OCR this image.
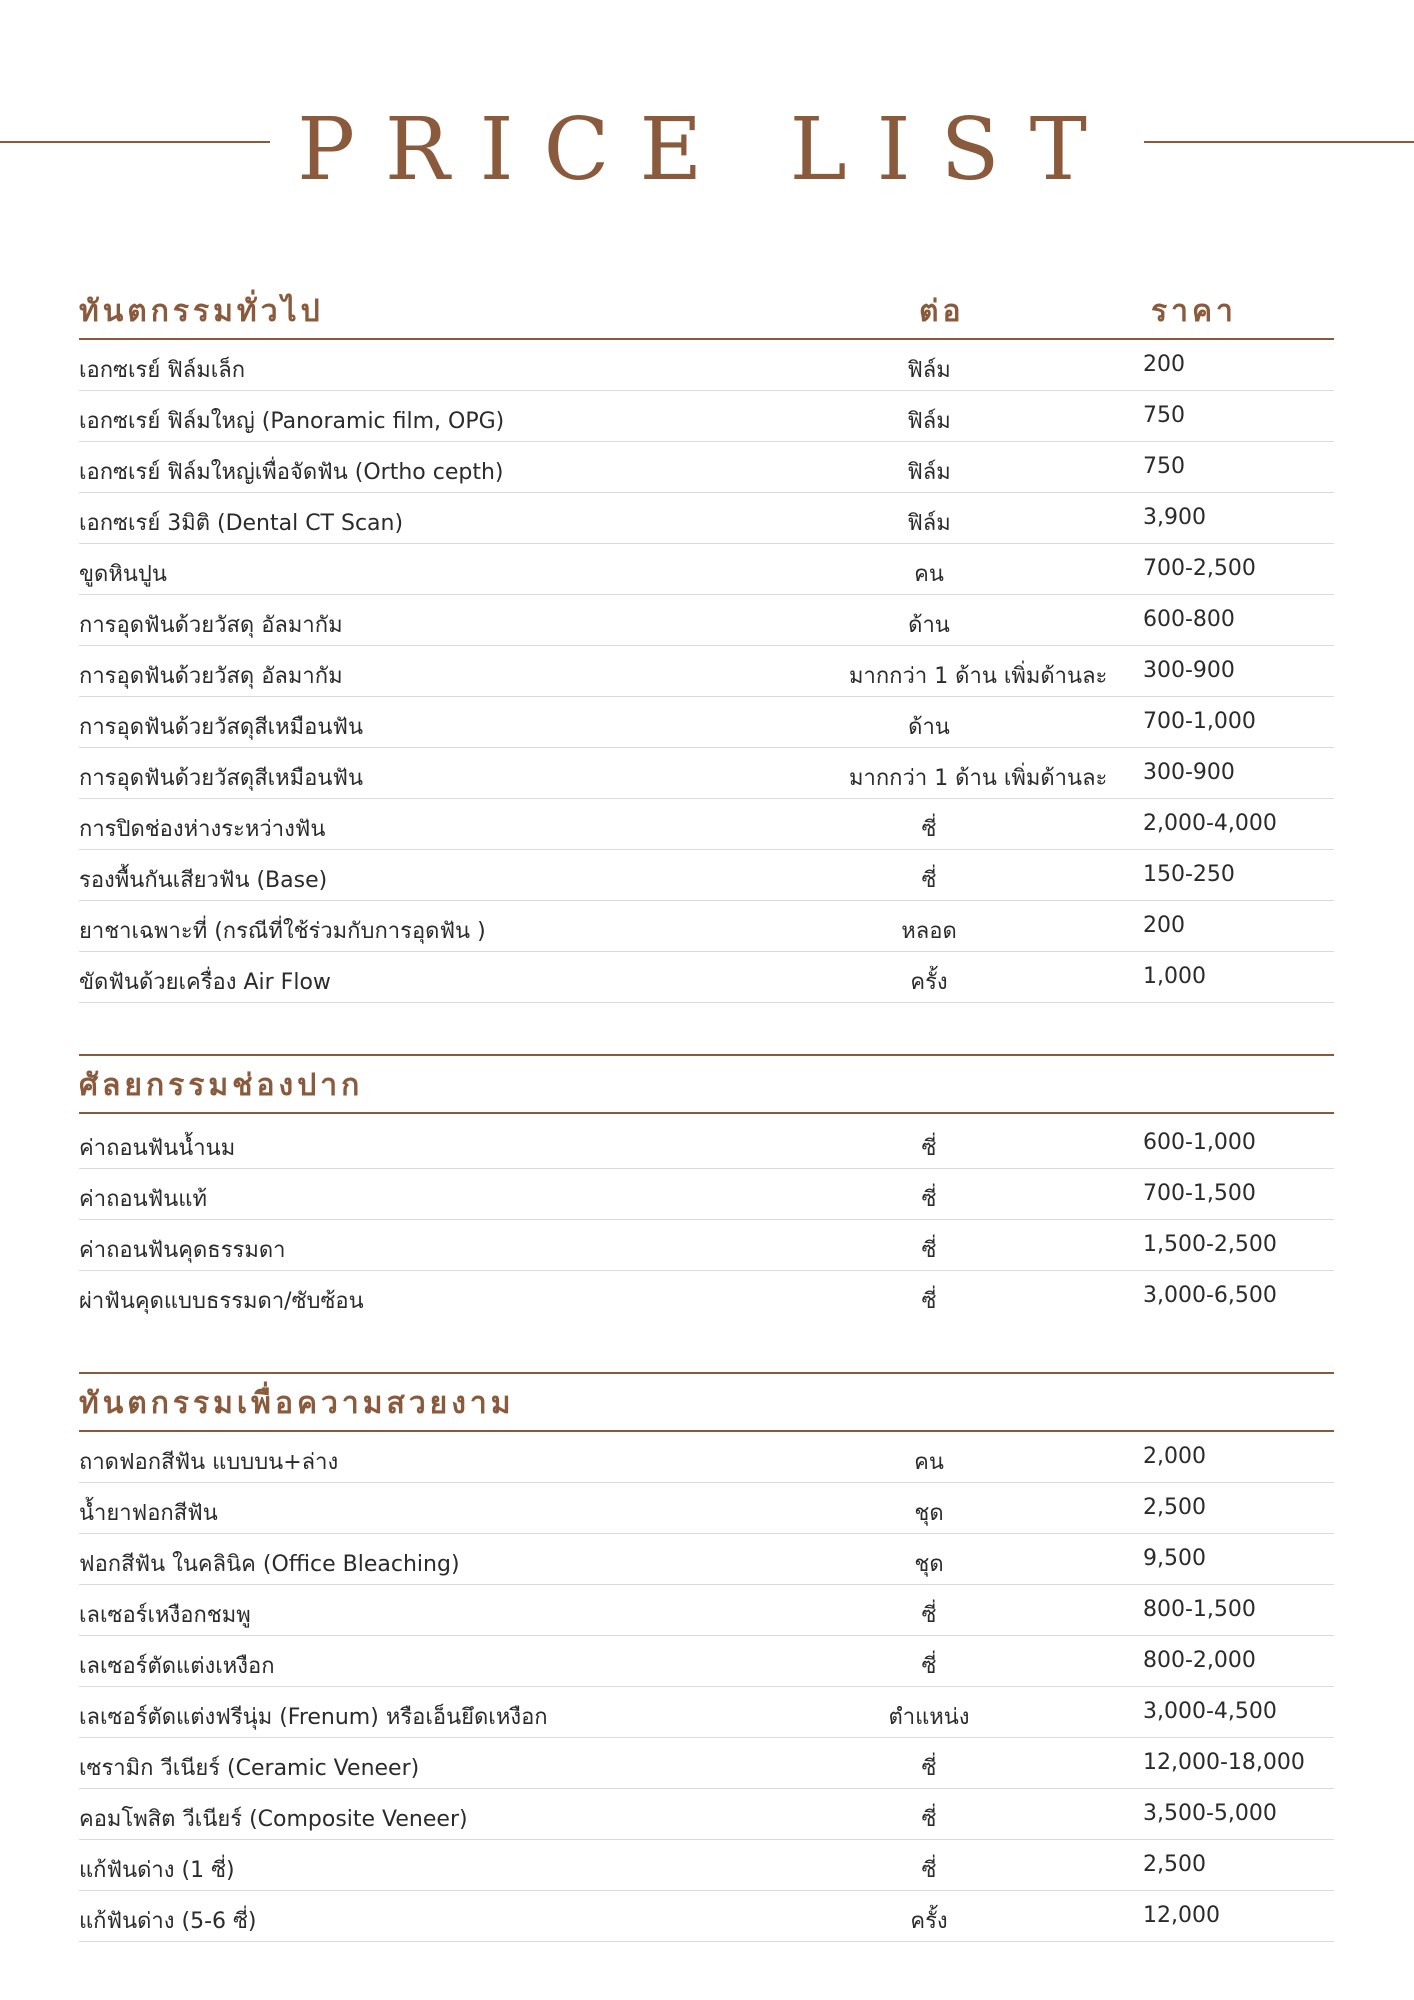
PRICE LIST
ทันตกรรมทั่วไป	ต่อ	ราคา
เอกซเรย์ ฟิล์มเล็ก	ฟิล์ม	200
เอกซเรย์ ฟิล์มใหญ่ (Panoramic film, OPG)	ฟิล์ม	750
เอกซเรย์ ฟิล์มใหญ่เพื่อจัดฟัน (Ortho cepth)	ฟิล์ม	750
เอกซเรย์ 3มิติ (Dental CT Scan)	ฟิล์ม	3,900
ขูดหินปูน	คน	700-2,500
การอุดฟันด้วยวัสดุ อัลมากัม	ด้าน	600-800
การอุดฟันด้วยวัสดุ อัลมากัม	มากกว่า 1 ด้าน เพิ่มด้านละ 300-900
การอุดฟันด้วยวัสดุสีเหมือนฟัน	ด้าน	700-1,000
การอุดฟันด้วยวัสดุสีเหมือนฟัน	มากกว่า 1 ด้าน เพิ่มด้านละ 300-900
การปิดช่องห่างระหว่างฟัน	ซี่	2,000-4,000
รองพื้นกันเสียวฟัน (Base)	ซี่	150-250
ยาชาเฉพาะที่ (กรณีที่ใช้ร่วมกับการอุดฟัน )	หลอด	200
ขัดฟันด้วยเครื่อง Air Flow	ครั้ง	1,000
ศัลยกรรมช่องปาก
ค่าถอนฟันน้ำนม	ซี่	600-1,000
ค่าถอนฟันแท้	ซี่	700-1,500
ค่าถอนฟันคุดธรรมดา	ซี่	1,500-2,500
ผ่าฟันคุดแบบธรรมดา/ซับซ้อน	ซี่	3,000-6,500
ทันตกรรมเพื่อความสวยงาม
ถาดฟอกสีฟัน แบบบน+ล่าง	คน	2,000
น้ำยาฟอกสีฟัน	ชุด	2,500
ฟอกสีฟัน ในคลินิค (Office Bleaching)	ชุด	9,500
เลเซอร์เหงือกชมพู	ซี่	800-1,500
เลเซอร์ตัดแต่งเหงือก	ซี่	800-2,000
เลเซอร์ตัดแต่งฟรีนุ่ม (Frenum) หรือเอ็นยึดเหงือก	ตำแหน่ง	3,000-4,500
เซรามิก วีเนียร์ (Ceramic Veneer)	ซี่	12,000-18,000
คอมโพสิต วีเนียร์ (Composite Veneer)	ซี่	3,500-5,000
แก้ฟันด่าง (1 ซี่)	ซี่	2,500
แก้ฟันด่าง (5-6 ซี่)	ครั้ง	12,000
